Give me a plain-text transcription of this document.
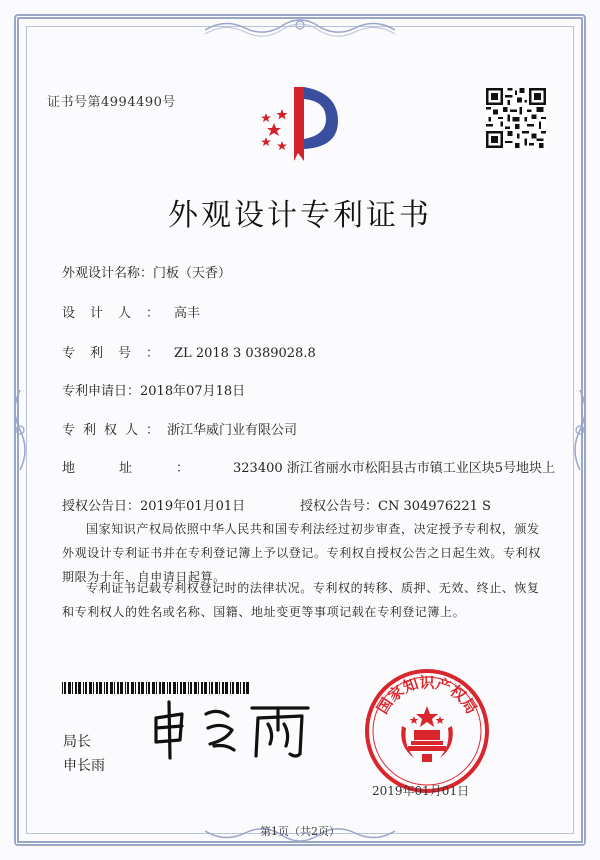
证书号第4994490号
外观设计专利证书
外观设计名称：门板（天香）
设计人：高丰
专利号：ZL 2018 3 0389028.8
专利申请日：2018年07月18日
专利权人：浙江华威门业有限公司
地址：323400 浙江省丽水市松阳县古市镇工业区块5号地块上
授权公告日：2019年01月01日	授权公告号：CN 304976221 S
国家知识产权局依照中华人民共和国专利法经过初步审查，决定授予专利权，颁发外观设计专利证书并在专利登记簿上予以登记。专利权自授权公告之日起生效。专利权期限为十年，自申请日起算。
专利证书记载专利权登记时的法律状况。专利权的转移、质押、无效、终止、恢复和专利权人的姓名或名称、国籍、地址变更等事项记载在专利登记簿上。
局长
申长雨
国家知识产权局
2019年01月01日
第1页（共2页）
